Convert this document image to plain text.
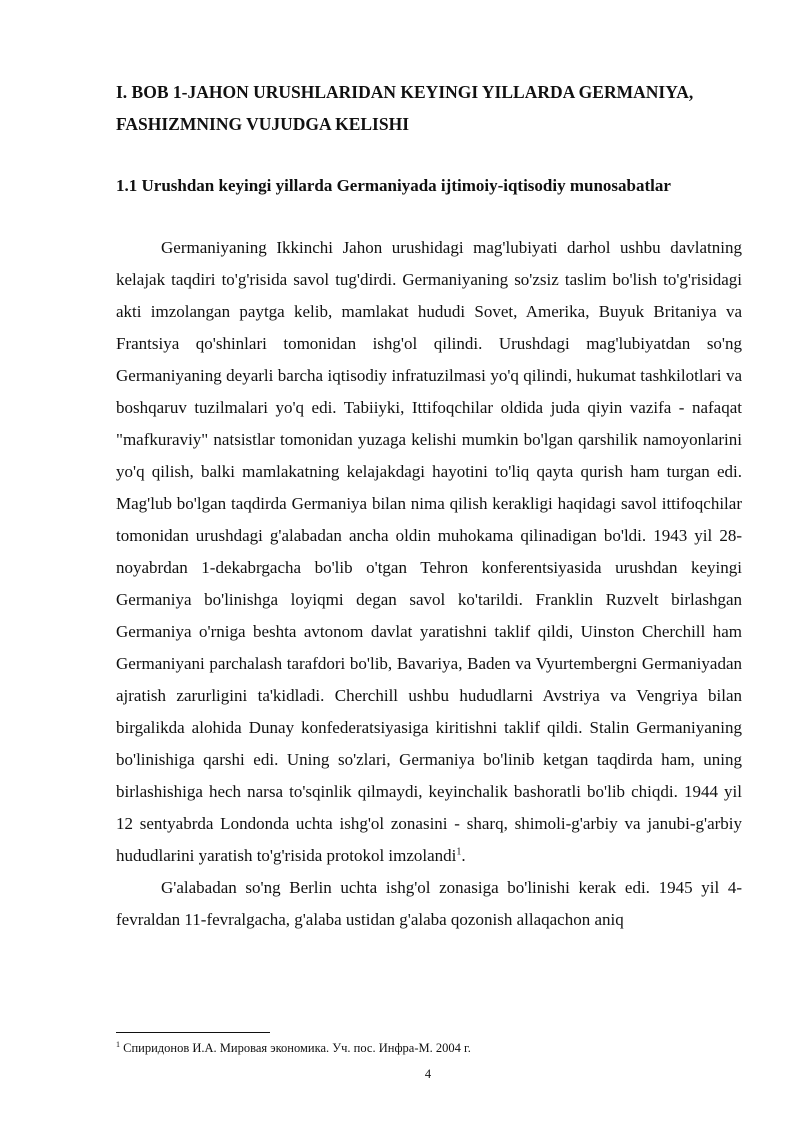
I. BOB 1-JAHON URUSHLARIDAN KEYINGI YILLARDA GERMANIYA, FASHIZMNING VUJUDGA KELISHI
1.1 Urushdan keyingi yillarda Germaniyada ijtimoiy-iqtisodiy munosabatlar

Germaniyaning Ikkinchi Jahon urushidagi mag'lubiyati darhol ushbu davlatning kelajak taqdiri to'g'risida savol tug'dirdi. Germaniyaning so'zsiz taslim bo'lish to'g'risidagi akti imzolangan paytga kelib, mamlakat hududi Sovet, Amerika, Buyuk Britaniya va Frantsiya qo'shinlari tomonidan ishg'ol qilindi. Urushdagi mag'lubiyatdan so'ng Germaniyaning deyarli barcha iqtisodiy infratuzilmasi yo'q qilindi, hukumat tashkilotlari va boshqaruv tuzilmalari yo'q edi. Tabiiyki, Ittifoqchilar oldida juda qiyin vazifa - nafaqat "mafkuraviy" natsistlar tomonidan yuzaga kelishi mumkin bo'lgan qarshilik namoyonlarini yo'q qilish, balki mamlakatning kelajakdagi hayotini to'liq qayta qurish ham turgan edi. Mag'lub bo'lgan taqdirda Germaniya bilan nima qilish kerakligi haqidagi savol ittifoqchilar tomonidan urushdagi g'alabadan ancha oldin muhokama qilinadigan bo'ldi. 1943 yil 28-noyabrdan 1-dekabrgacha bo'lib o'tgan Tehron konferentsiyasida urushdan keyingi Germaniya bo'linishga loyiqmi degan savol ko'tarildi. Franklin Ruzvelt birlashgan Germaniya o'rniga beshta avtonom davlat yaratishni taklif qildi, Uinston Cherchill ham Germaniyani parchalash tarafdori bo'lib, Bavariya, Baden va Vyurtembergni Germaniyadan ajratish zarurligini ta'kidladi. Cherchill ushbu hududlarni Avstriya va Vengriya bilan birgalikda alohida Dunay konfederatsiyasiga kiritishni taklif qildi. Stalin Germaniyaning bo'linishiga qarshi edi. Uning so'zlari, Germaniya bo'linib ketgan taqdirda ham, uning birlashishiga hech narsa to'sqinlik qilmaydi, keyinchalik bashoratli bo'lib chiqdi. 1944 yil 12 sentyabrda Londonda uchta ishg'ol zonasini - sharq, shimoli-g'arbiy va janubi-g'arbiy hududlarini yaratish to'g'risida protokol imzolandi$^1$.

G'alabadan so'ng Berlin uchta ishg'ol zonasiga bo'linishi kerak edi. 1945 yil 4-fevraldan 11-fevralgacha, g'alaba ustidan g'alaba qozonish allaqachon aniq

$^1$ Спиридонов И.А. Мировая экономика. Уч. пос. Инфра-М. 2004 г.
4
